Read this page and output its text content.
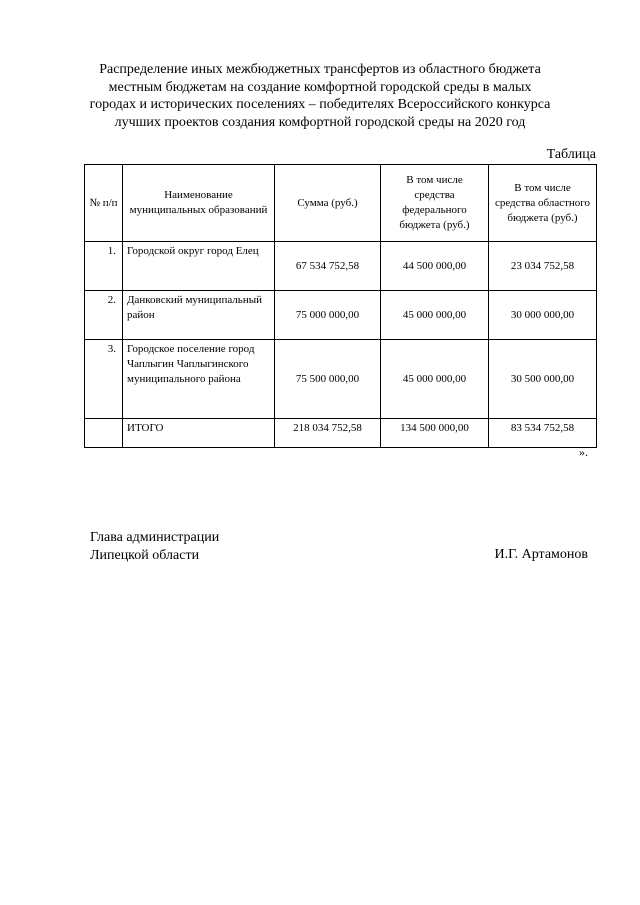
Распределение иных межбюджетных трансфертов из областного бюджета
местным бюджетам на создание комфортной городской среды в малых
городах и исторических поселениях – победителях Всероссийского конкурса
лучших проектов создания комфортной городской среды на 2020 год
Таблица
№ п/п	Наименование муниципальных образований	Сумма (руб.)	В том числе средства федерального бюджета (руб.)	В том числе средства областного бюджета (руб.)
1.	Городской округ город Елец	67 534 752,58	44 500 000,00	23 034 752,58
2.	Данковский муниципальный район	75 000 000,00	45 000 000,00	30 000 000,00
3.	Городское поселение город Чаплыгин Чаплыгинского муниципального района	75 500 000,00	45 000 000,00	30 500 000,00
	ИТОГО	218 034 752,58	134 500 000,00	83 534 752,58
».
Глава администрации
Липецкой области	И.Г. Артамонов
